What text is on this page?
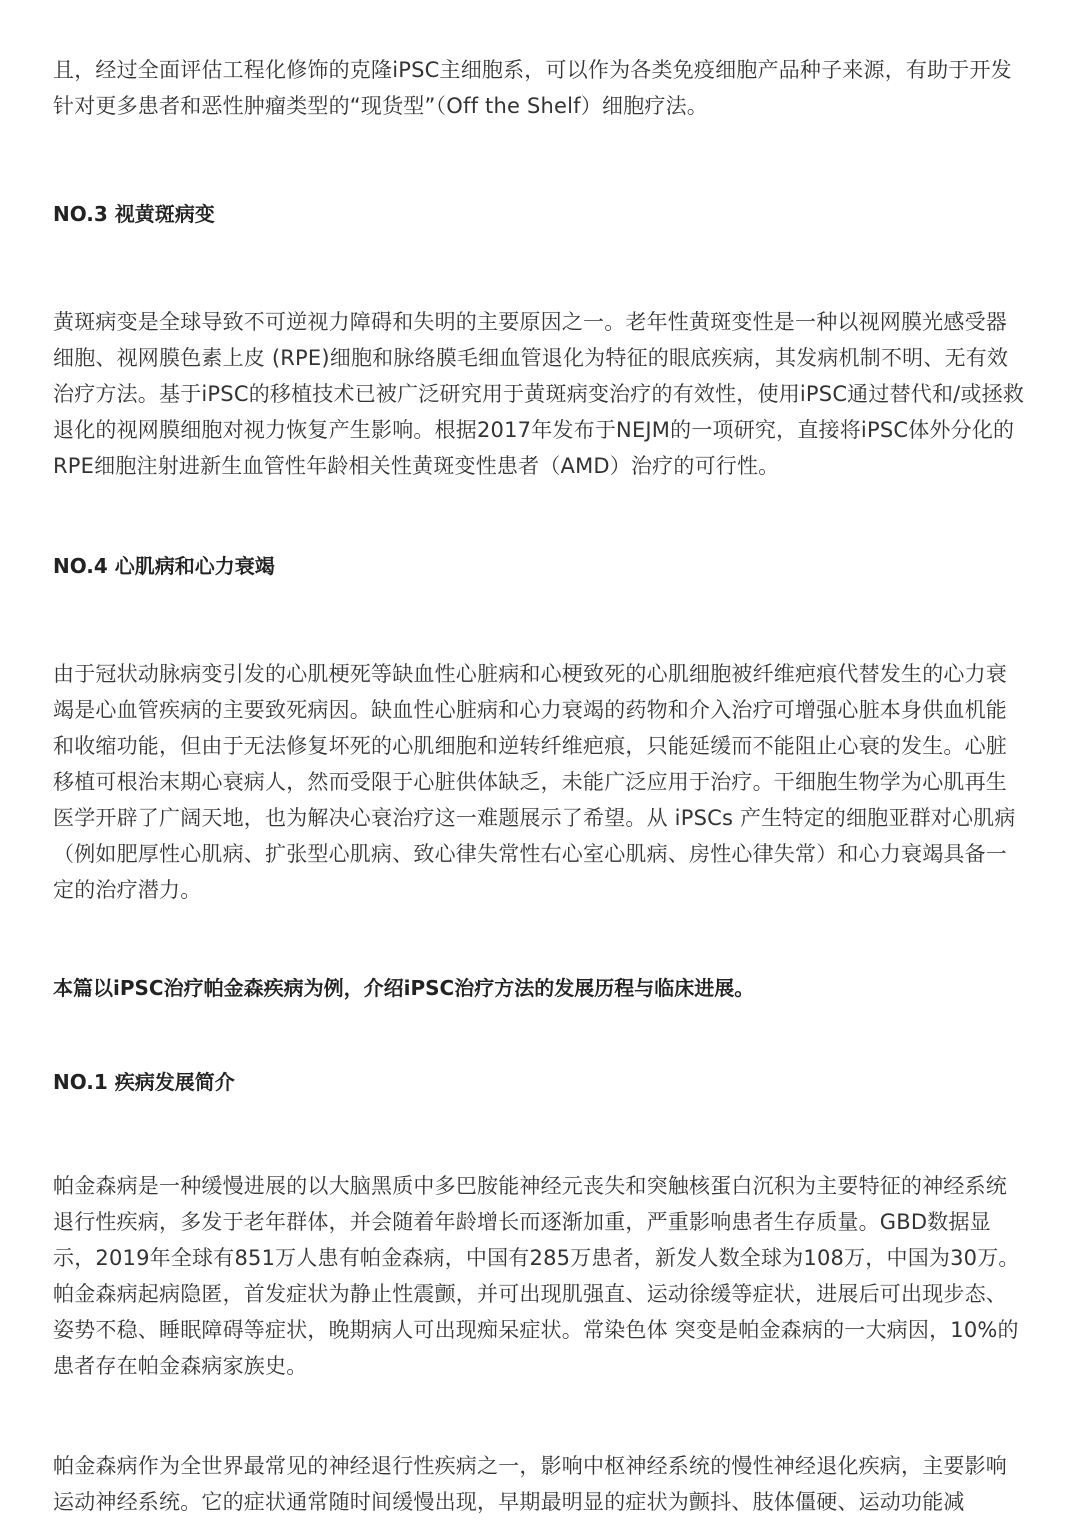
且，经过全面评估工程化修饰的克隆iPSC主细胞系，可以作为各类免疫细胞产品种子来源，有助于开发针对更多患者和恶性肿瘤类型的“现货型”（Off the Shelf）细胞疗法。

NO.3 视黄斑病变

黄斑病变是全球导致不可逆视力障碍和失明的主要原因之一。老年性黄斑变性是一种以视网膜光感受器细胞、视网膜色素上皮 (RPE)细胞和脉络膜毛细血管退化为特征的眼底疾病，其发病机制不明、无有效治疗方法。基于iPSC的移植技术已被广泛研究用于黄斑病变治疗的有效性，使用iPSC通过替代和/或拯救退化的视网膜细胞对视力恢复产生影响。根据2017年发布于NEJM的一项研究，直接将iPSC体外分化的RPE细胞注射进新生血管性年龄相关性黄斑变性患者（AMD）治疗的可行性。

NO.4 心肌病和心力衰竭

由于冠状动脉病变引发的心肌梗死等缺血性心脏病和心梗致死的心肌细胞被纤维疤痕代替发生的心力衰竭是心血管疾病的主要致死病因。缺血性心脏病和心力衰竭的药物和介入治疗可增强心脏本身供血机能和收缩功能，但由于无法修复坏死的心肌细胞和逆转纤维疤痕，只能延缓而不能阻止心衰的发生。心脏移植可根治末期心衰病人，然而受限于心脏供体缺乏，未能广泛应用于治疗。干细胞生物学为心肌再生医学开辟了广阔天地，也为解决心衰治疗这一难题展示了希望。从 iPSCs 产生特定的细胞亚群对心肌病（例如肥厚性心肌病、扩张型心肌病、致心律失常性右心室心肌病、房性心律失常）和心力衰竭具备一定的治疗潜力。

本篇以iPSC治疗帕金森疾病为例，介绍iPSC治疗方法的发展历程与临床进展。

NO.1 疾病发展简介

帕金森病是一种缓慢进展的以大脑黑质中多巴胺能神经元丧失和突触核蛋白沉积为主要特征的神经系统退行性疾病，多发于老年群体，并会随着年龄增长而逐渐加重，严重影响患者生存质量。GBD数据显示，2019年全球有851万人患有帕金森病，中国有285万患者，新发人数全球为108万，中国为30万。帕金森病起病隐匿，首发症状为静止性震颤，并可出现肌强直、运动徐缓等症状，进展后可出现步态、姿势不稳、睡眠障碍等症状，晚期病人可出现痴呆症状。常染色体 突变是帕金森病的一大病因，10%的患者存在帕金森病家族史。

帕金森病作为全世界最常见的神经退行性疾病之一，影响中枢神经系统的慢性神经退化疾病，主要影响运动神经系统。它的症状通常随时间缓慢出现，早期最明显的症状为颤抖、肢体僵硬、运动功能减
